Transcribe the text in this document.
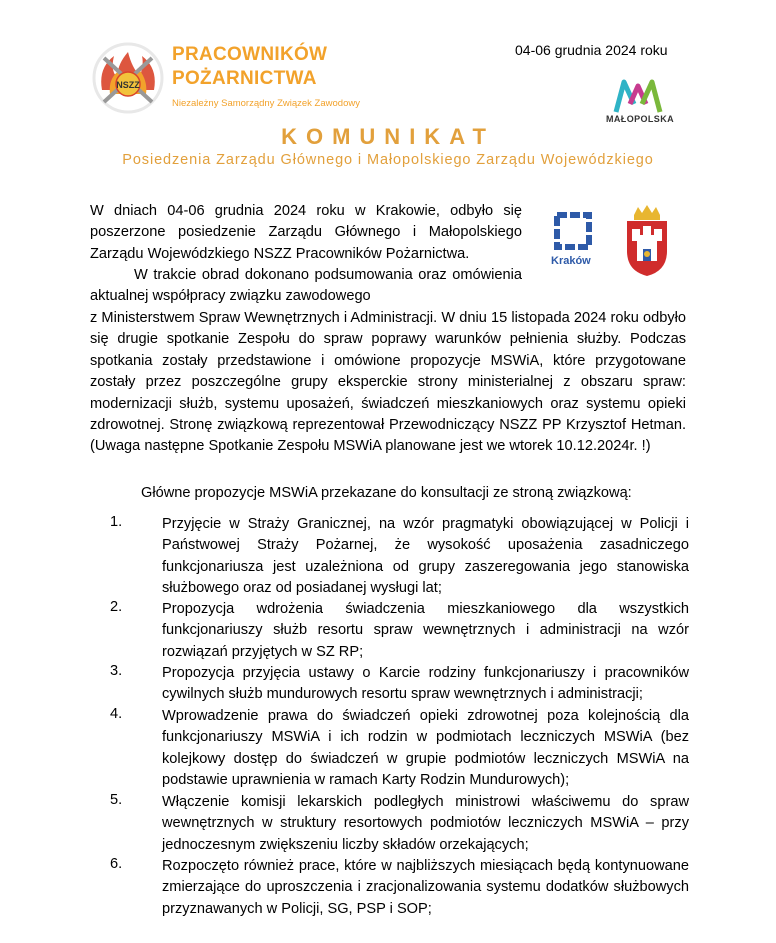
NSZZ
PRACOWNIKÓW
POŻARNICTWA
Niezależny Samorządny Związek Zawodowy
04-06 grudnia 2024 roku
MAŁOPOLSKA
KOMUNIKAT
Posiedzenia Zarządu Głównego i Małopolskiego Zarządu Wojewódzkiego
W dniach 04-06 grudnia 2024 roku w Krakowie, odbyło się poszerzone posiedzenie Zarządu Głównego i Małopolskiego Zarządu Wojewódzkiego NSZZ Pracowników Pożarnictwa.
W trakcie obrad dokonano podsumowania oraz omówienia aktualnej współpracy związku zawodowego
z Ministerstwem Spraw Wewnętrznych i Administracji. W dniu 15 listopada 2024 roku odbyło się drugie spotkanie Zespołu do spraw poprawy warunków pełnienia służby. Podczas spotkania zostały przedstawione i omówione propozycje MSWiA, które przygotowane zostały przez poszczególne grupy eksperckie strony ministerialnej z obszaru spraw: modernizacji służb, systemu uposażeń, świadczeń mieszkaniowych oraz systemu opieki zdrowotnej. Stronę związkową reprezentował Przewodniczący NSZZ PP Krzysztof Hetman. (Uwaga następne Spotkanie Zespołu MSWiA planowane jest we wtorek 10.12.2024r. !)
Kraków
Główne propozycje MSWiA przekazane do konsultacji ze stroną związkową:
1.	Przyjęcie w Straży Granicznej, na wzór pragmatyki obowiązującej w Policji i Państwowej Straży Pożarnej, że wysokość uposażenia zasadniczego funkcjonariusza jest uzależniona od grupy zaszeregowania jego stanowiska służbowego oraz od posiadanej wysługi lat;
2.	Propozycja wdrożenia świadczenia mieszkaniowego dla wszystkich funkcjonariuszy służb resortu spraw wewnętrznych i administracji na wzór rozwiązań przyjętych w SZ RP;
3.	Propozycja przyjęcia ustawy o Karcie rodziny funkcjonariuszy i pracowników cywilnych służb mundurowych resortu spraw wewnętrznych i administracji;
4.	Wprowadzenie prawa do świadczeń opieki zdrowotnej poza kolejnością dla funkcjonariuszy MSWiA i ich rodzin w podmiotach leczniczych MSWiA (bez kolejkowy dostęp do świadczeń w grupie podmiotów leczniczych MSWiA na podstawie uprawnienia w ramach Karty Rodzin Mundurowych);
5.	Włączenie komisji lekarskich podległych ministrowi właściwemu do spraw wewnętrznych w struktury resortowych podmiotów leczniczych MSWiA – przy jednoczesnym zwiększeniu liczby składów orzekających;
6.	Rozpoczęto również prace, które w najbliższych miesiącach będą kontynuowane zmierzające do uproszczenia i zracjonalizowania systemu dodatków służbowych przyznawanych w Policji, SG, PSP i SOP;
